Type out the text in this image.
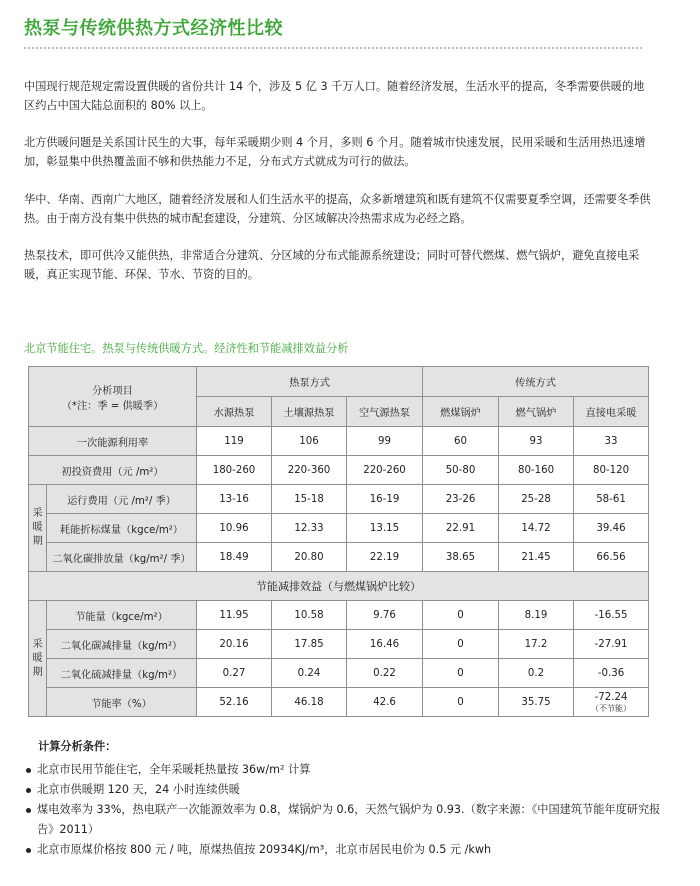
热泵与传统供热方式经济性比较

中国现行规范规定需设置供暖的省份共计 14 个，涉及 5 亿 3 千万人口。随着经济发展，生活水平的提高，冬季需要供暖的地区约占中国大陆总面积的 80% 以上。

北方供暖问题是关系国计民生的大事，每年采暖期少则 4 个月，多则 6 个月。随着城市快速发展，民用采暖和生活用热迅速增加，彰显集中供热覆盖面不够和供热能力不足，分布式方式就成为可行的做法。

华中、华南、西南广大地区，随着经济发展和人们生活水平的提高，众多新增建筑和既有建筑不仅需要夏季空调，还需要冬季供热。由于南方没有集中供热的城市配套建设，分建筑、分区域解决冷热需求成为必经之路。

热泵技术，即可供冷又能供热，非常适合分建筑、分区域的分布式能源系统建设；同时可替代燃煤、燃气锅炉，避免直接电采暖，真正实现节能、环保、节水、节资的目的。

北京节能住宅。热泵与传统供暖方式。经济性和节能减排效益分析
分析项目
（*注：季 = 供暖季）		热泵方式			传统方式		
		水源热泵	土壤源热泵	空气源热泵	燃煤锅炉	燃气锅炉	直接电采暖
一次能源利用率		119	106	99	60	93	33
初投资费用（元 /m²）		180-260	220-360	220-260	50-80	80-160	80-120
采暖期	运行费用（元 /m²/ 季）	13-16	15-18	16-19	23-26	25-28	58-61
	耗能折标煤量（kgce/m²）	10.96	12.33	13.15	22.91	14.72	39.46
	二氧化碳排放量（kg/m²/ 季）	18.49	20.80	22.19	38.65	21.45	66.56
节能减排效益（与燃煤锅炉比较）							
采暖期	节能量（kgce/m²）	11.95	10.58	9.76	0	8.19	-16.55
	二氧化碳减排量（kg/m²）	20.16	17.85	16.46	0	17.2	-27.91
	二氧化硫减排量（kg/m²）	0.27	0.24	0.22	0	0.2	-0.36
	节能率（%）	52.16	46.18	42.6	0	35.75	-72.24
（不节能）
计算分析条件：
北京市民用节能住宅，全年采暖耗热量按 36w/m² 计算
北京市供暖期 120 天，24 小时连续供暖
煤电效率为 33%，热电联产一次能源效率为 0.8，煤锅炉为 0.6，天然气锅炉为 0.93.（数字来源：《中国建筑节能年度研究报告》2011）
北京市原煤价格按 800 元 / 吨，原煤热值按 20934KJ/m³，北京市居民电价为 0.5 元 /kwh
